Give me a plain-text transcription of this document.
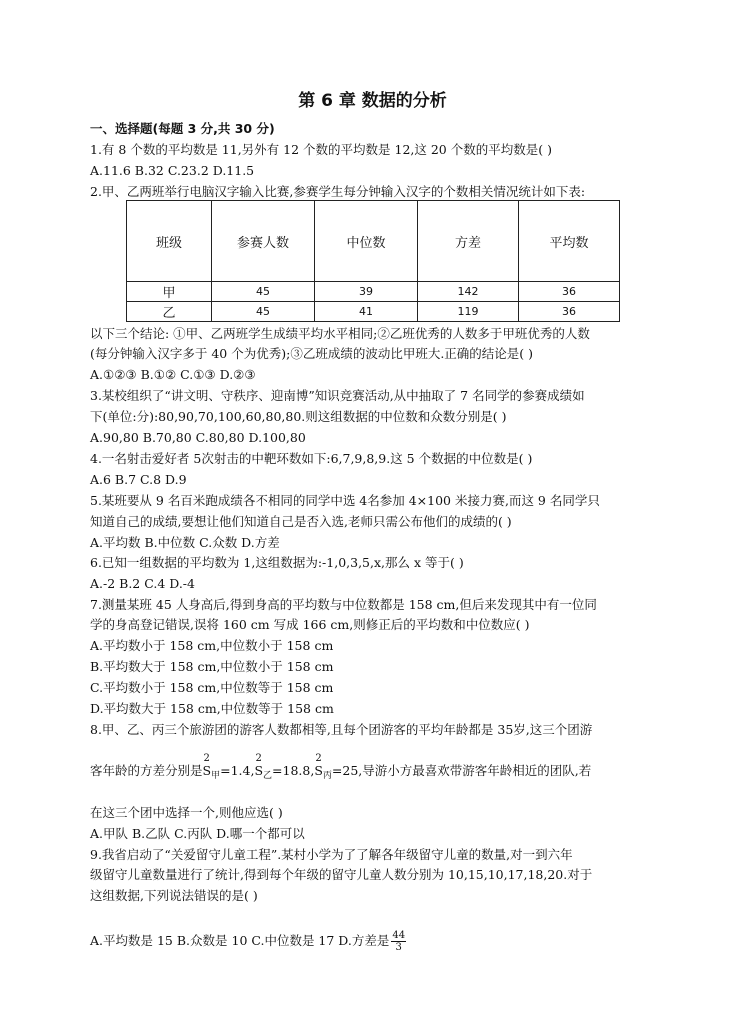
第 6 章 数据的分析
一、选择题(每题 3 分,共 30 分)
1.有 8 个数的平均数是 11,另外有 12 个数的平均数是 12,这 20 个数的平均数是( )
A.11.6 B.32 C.23.2 D.11.5
2.甲、乙两班举行电脑汉字输入比赛,参赛学生每分钟输入汉字的个数相关情况统计如下表:
班级	参赛人数	中位数	方差	平均数
甲	45	39	142	36
乙	45	41	119	36
以下三个结论: ①甲、乙两班学生成绩平均水平相同;②乙班优秀的人数多于甲班优秀的人数
(每分钟输入汉字多于 40 个为优秀);③乙班成绩的波动比甲班大.正确的结论是( )
A.①②③ B.①② C.①③ D.②③
3.某校组织了“讲文明、守秩序、迎南博”知识竞赛活动,从中抽取了 7 名同学的参赛成绩如
下(单位:分):80,90,70,100,60,80,80.则这组数据的中位数和众数分别是( )
A.90,80 B.70,80 C.80,80 D.100,80
4.一名射击爱好者 5次射击的中靶环数如下:6,7,9,8,9.这 5 个数据的中位数是( )
A.6 B.7 C.8 D.9
5.某班要从 9 名百米跑成绩各不相同的同学中选 4名参加 4×100 米接力赛,而这 9 名同学只
知道自己的成绩,要想让他们知道自己是否入选,老师只需公布他们的成绩的( )
A.平均数 B.中位数 C.众数 D.方差
6.已知一组数据的平均数为 1,这组数据为:-1,0,3,5,x,那么 x 等于( )
A.-2 B.2 C.4 D.-4
7.测量某班 45 人身高后,得到身高的平均数与中位数都是 158 cm,但后来发现其中有一位同
学的身高登记错误,误将 160 cm 写成 166 cm,则修正后的平均数和中位数应( )
A.平均数小于 158 cm,中位数小于 158 cm
B.平均数大于 158 cm,中位数小于 158 cm
C.平均数小于 158 cm,中位数等于 158 cm
D.平均数大于 158 cm,中位数等于 158 cm
8.甲、乙、丙三个旅游团的游客人数都相等,且每个团游客的平均年龄都是 35岁,这三个团游
客年龄的方差分别是S
2
$_甲$=1.4,S
2
$_乙$=18.8,S
2
$_丙$=25,导游小方最喜欢带游客年龄相近的团队,若
在这三个团中选择一个,则他应选( )
A.甲队 B.乙队 C.丙队 D.哪一个都可以
9.我省启动了“关爱留守儿童工程”.某村小学为了了解各年级留守儿童的数量,对一到六年
级留守儿童数量进行了统计,得到每个年级的留守儿童人数分别为 10,15,10,17,18,20.对于
这组数据,下列说法错误的是( )
A.平均数是 15 B.众数是 10 C.中位数是 17 D.方差是 $\frac{44}{3}$
